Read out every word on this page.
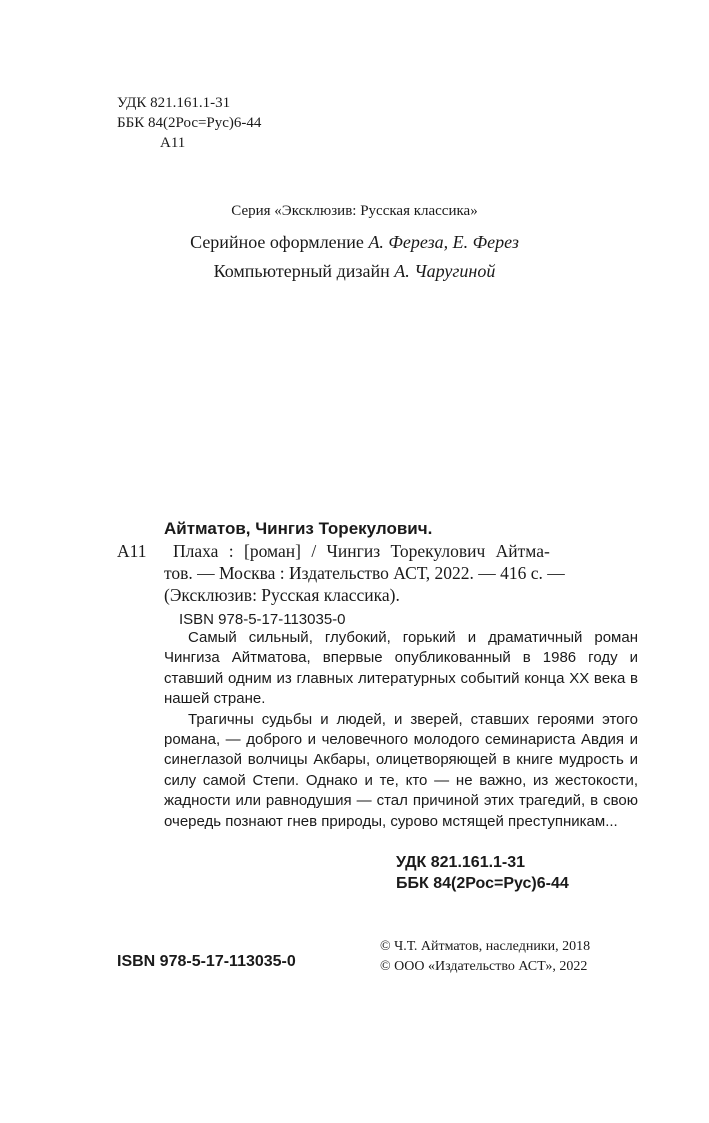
УДК 821.161.1-31
ББК 84(2Рос=Рус)6-44
А11
Серия «Эксклюзив: Русская классика»
Серийное оформление А. Фереза, Е. Ферез
Компьютерный дизайн А. Чаругиной
Айтматов, Чингиз Торекулович.
А11	Плаха : [роман] / Чингиз Торекулович Айтма-
тов. — Москва : Издательство АСТ, 2022. — 416 с. —
(Эксклюзив: Русская классика).
ISBN 978-5-17-113035-0

Самый сильный, глубокий, горький и драматичный роман Чингиза Айтматова, впервые опубликованный в 1986 году и ставший одним из главных литературных событий конца XX века в нашей стране.

Трагичны судьбы и людей, и зверей, ставших героями этого романа, — доброго и человечного молодого семинариста Авдия и синеглазой волчицы Акбары, олицетворяющей в книге мудрость и силу самой Степи. Однако и те, кто — не важно, из жестокости, жадности или равнодушия — стал причиной этих трагедий, в свою очередь познают гнев природы, сурово мстящей преступникам...

УДК 821.161.1-31
ББК 84(2Рос=Рус)6-44
ISBN 978-5-17-113035-0
© Ч.Т. Айтматов, наследники, 2018
© ООО «Издательство АСТ», 2022
